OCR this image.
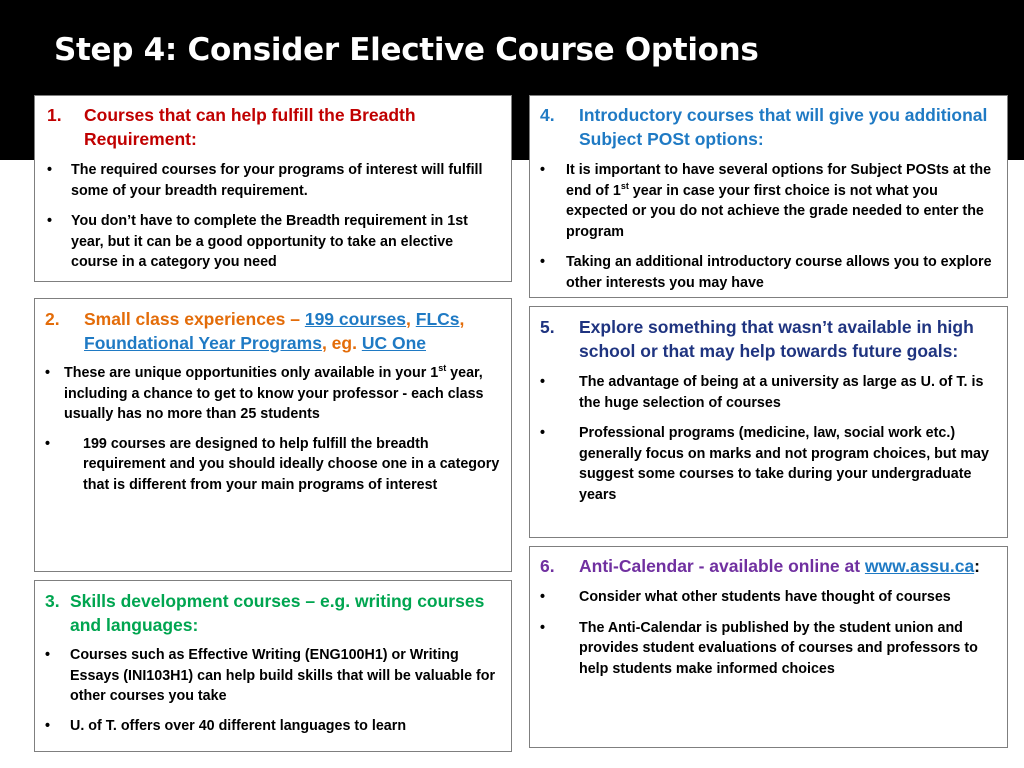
Step 4: Consider Elective Course Options
1.	Courses that can help fulfill the Breadth Requirement:
•	The required courses for your programs of interest will fulfill some of your breadth requirement.
•	You don’t have to complete the Breadth requirement in 1st year, but it can be a good opportunity to take an elective course in a category you need
2.	Small class experiences – 199 courses, FLCs, Foundational Year Programs, eg. UC One
• These are unique opportunities only available in your 1st year, including a chance to get to know your professor - each class usually has no more than 25 students
•	199 courses are designed to help fulfill the breadth requirement and you should ideally choose one in a category that is different from your main programs of interest
3. Skills development courses – e.g. writing courses and languages:
•	Courses such as Effective Writing (ENG100H1) or Writing Essays (INI103H1) can help build skills that will be valuable for other courses you take
•	U. of T. offers over 40 different languages to learn
4.	Introductory courses that will give you additional Subject POSt options:
•	It is important to have several options for Subject POSts at the end of 1st year in case your first choice is not what you expected or you do not achieve the grade needed to enter the program
•	Taking an additional introductory course allows you to explore other interests you may have
5.	Explore something that wasn’t available in high school or that may help towards future goals:
•	The advantage of being at a university as large as U. of T. is the huge selection of courses
•	Professional programs (medicine, law, social work etc.) generally focus on marks and not program choices, but may suggest some courses to take during your undergraduate years
6.	Anti-Calendar - available online at www.assu.ca:
•	Consider what other students have thought of courses
•	The Anti-Calendar is published by the student union and provides student evaluations of courses and professors to help students make informed choices
